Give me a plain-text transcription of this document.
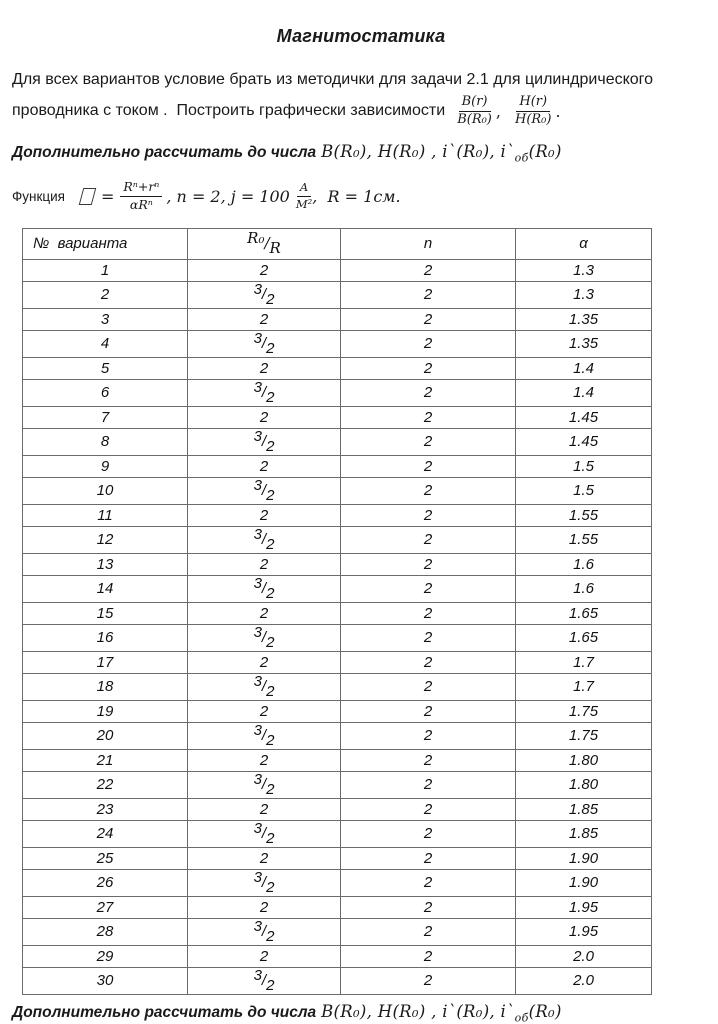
Магнитостатика
Для всех вариантов условие брать из методички для задачи 2.1 для цилиндрического
проводника с током .  Построить графически зависимости $\frac{B(r)}{\text{B(R₀)}}$ , $\frac{H(r)}{\text{H(R₀)}}$ .
Дополнительно рассчитать до числа B(R₀), H(R₀) , i`(R₀), $i`_{об}(R_0)$
Функция = $\frac{\text{Rⁿ+rⁿ}}{\text{αRⁿ}}$ , n = 2, $j = 100 \frac{A}{\text{M²}}$ ,  R = 1см.
№  варианта	R₀/R	n	α
1	2	2	1.3
2	3/2	2	1.3
3	2	2	1.35
4	3/2	2	1.35
5	2	2	1.4
6	3/2	2	1.4
7	2	2	1.45
8	3/2	2	1.45
9	2	2	1.5
10	3/2	2	1.5
11	2	2	1.55
12	3/2	2	1.55
13	2	2	1.6
14	3/2	2	1.6
15	2	2	1.65
16	3/2	2	1.65
17	2	2	1.7
18	3/2	2	1.7
19	2	2	1.75
20	3/2	2	1.75
21	2	2	1.80
22	3/2	2	1.80
23	2	2	1.85
24	3/2	2	1.85
25	2	2	1.90
26	3/2	2	1.90
27	2	2	1.95
28	3/2	2	1.95
29	2	2	2.0
30	3/2	2	2.0
Дополнительно рассчитать до числа B(R₀), H(R₀) , i`(R₀), $i`_{об}(R_0)$
